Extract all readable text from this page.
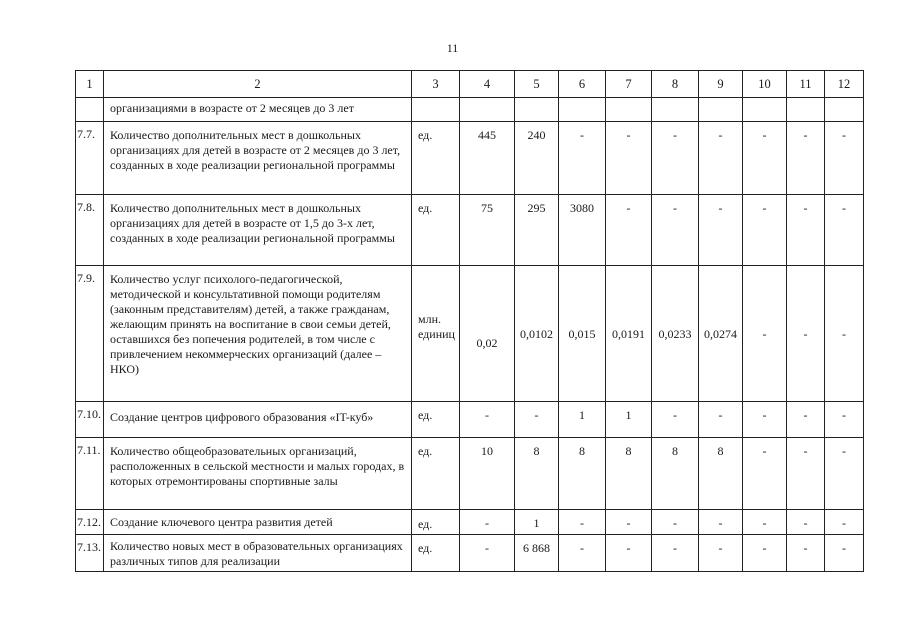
11
1	2	3	4	5	6	7	8	9	10	11	12
	организациями в возрасте от 2 месяцев до 3 лет										
7.7.	Количество дополнительных мест в дошкольных организациях для детей в возрасте от 2 месяцев до 3 лет, созданных в ходе реализации региональной программы	ед.	445	240	-	-	-	-	-	-	-
7.8.	Количество дополнительных мест в дошкольных организациях для детей в возрасте от 1,5 до 3-х лет, созданных в ходе реализации региональной программы	ед.	75	295	3080	-	-	-	-	-	-
7.9.	Количество услуг психолого-педагогической, методической и консультативной помощи родителям (законным представителям) детей, а также гражданам, желающим принять на воспитание в свои семьи детей, оставшихся без попечения родителей, в том числе с привлечением некоммерческих организаций (далее – НКО)	млн.
единиц	0,02	0,0102	0,015	0,0191	0,0233	0,0274	-	-	-
7.10.	Создание центров цифрового образования «IT-куб»	ед.	-	-	1	1	-	-	-	-	-
7.11.	Количество общеобразовательных организаций, расположенных в сельской местности и малых городах, в которых отремонтированы спортивные залы	ед.	10	8	8	8	8	8	-	-	-
7.12.	Создание ключевого центра развития детей	ед.	-	1	-	-	-	-	-	-	-
7.13.	Количество новых мест в образовательных организациях различных типов для реализации	ед.	-	6 868	-	-	-	-	-	-	-
